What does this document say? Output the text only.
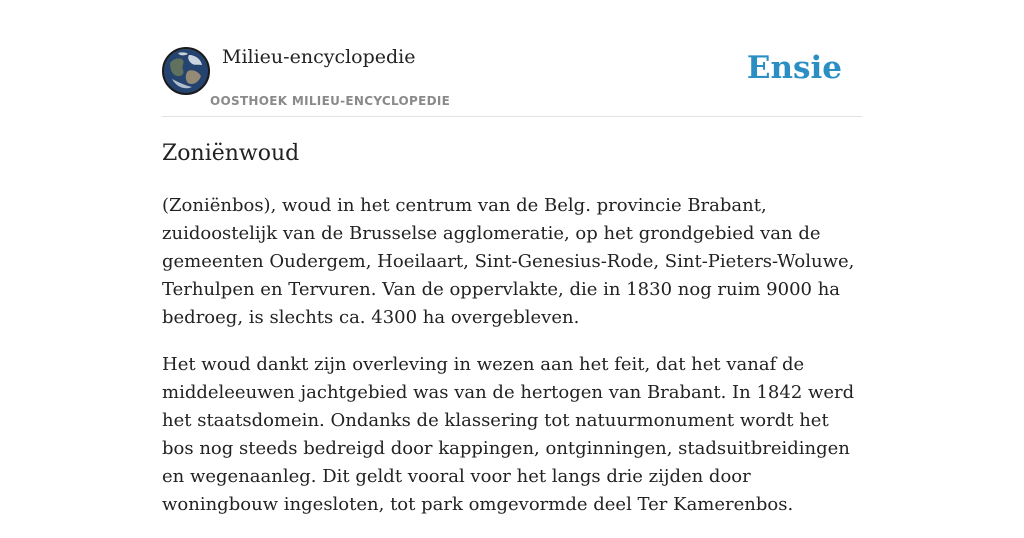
Milieu-encyclopedie
OOSTHOEK MILIEU-ENCYCLOPEDIE
Ensie
Zoniënwoud

(Zoniënbos), woud in het centrum van de Belg. provincie Brabant, zuidoostelijk van de Brusselse agglomeratie, op het grondgebied van de gemeenten Oudergem, Hoeilaart, Sint-Genesius-Rode, Sint-Pieters-Woluwe, Terhulpen en Tervuren. Van de oppervlakte, die in 1830 nog ruim 9000 ha bedroeg, is slechts ca. 4300 ha overgebleven.

Het woud dankt zijn overleving in wezen aan het feit, dat het vanaf de middeleeuwen jachtgebied was van de hertogen van Brabant. In 1842 werd het staatsdomein. Ondanks de klassering tot natuurmonument wordt het bos nog steeds bedreigd door kappingen, ontginningen, stadsuitbreidingen en wegenaanleg. Dit geldt vooral voor het langs drie zijden door woningbouw ingesloten, tot park omgevormde deel Ter Kamerenbos.
